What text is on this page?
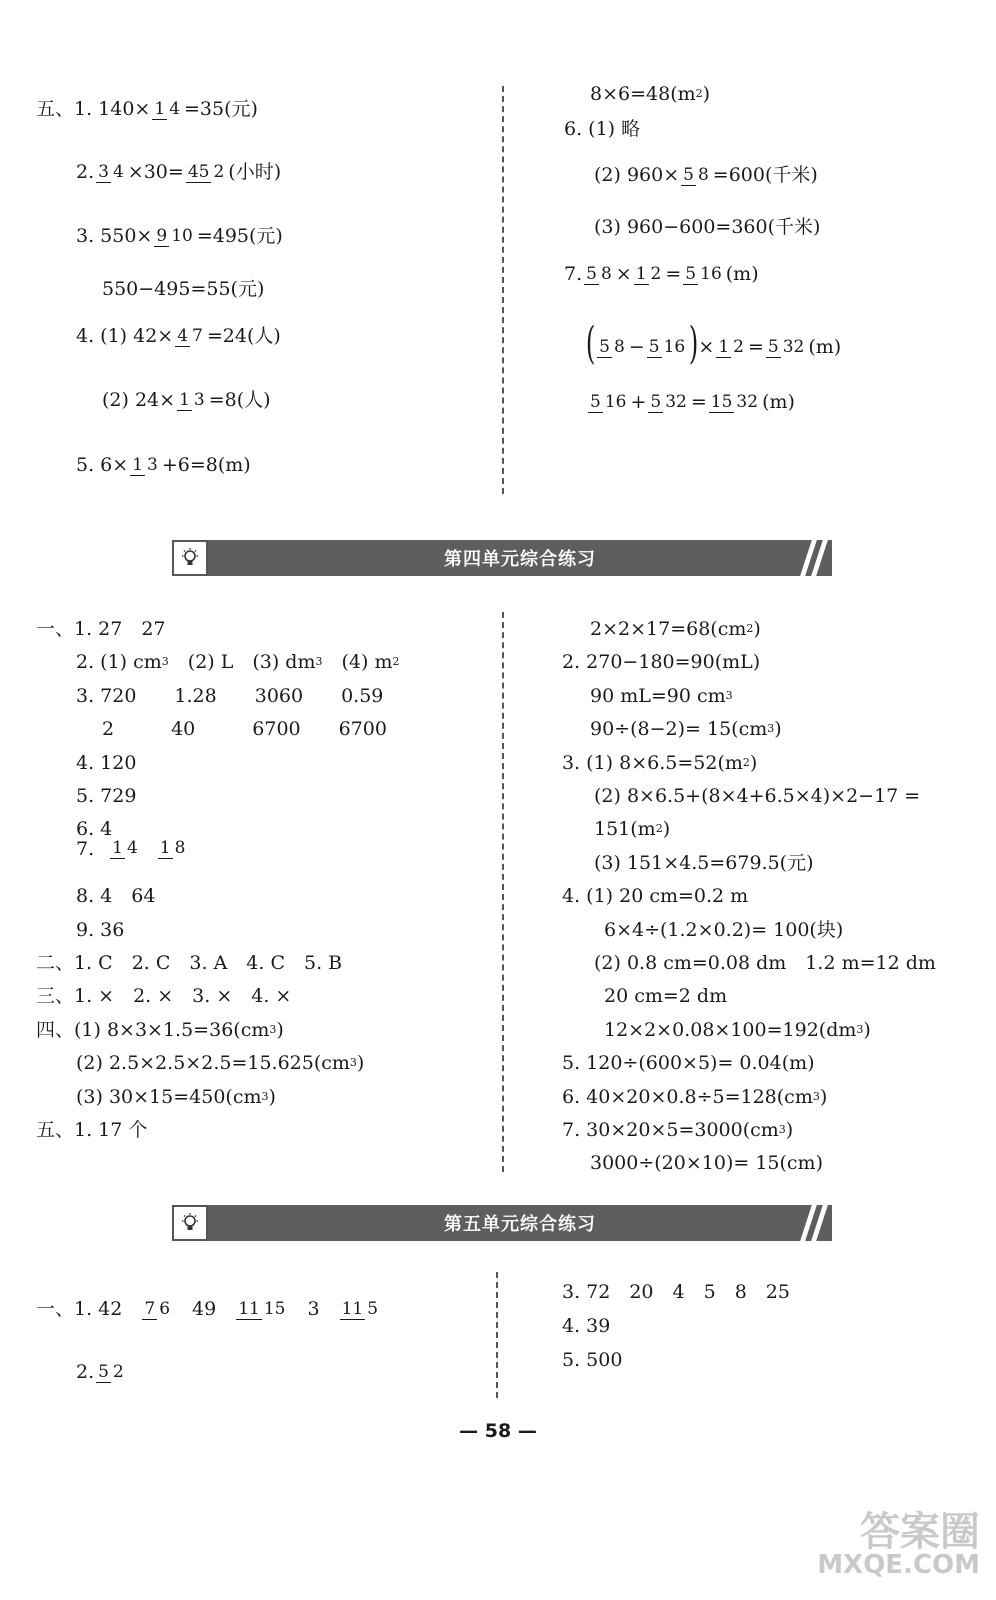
五、1. 140× 1 4 =35(元)
2. 3 4 ×30= 45 2 (小时)
3. 550× 9 10 =495(元)
550−495=55(元)
4. (1) 42× 4 7 =24(人)
(2) 24× 1 3 =8(人)
5. 6× 1 3 +6=8(m)
8×6=48(m 2 )
6. (1) 略
(2) 960× 5 8 =600(千米)
(3) 960−600=360(千米)
7. 5 8 × 1 2 = 5 16 (m)
( 5 8 − 5 16 ) × 1 2 = 5 32 (m)
5 16 + 5 32 = 15 32 (m)
第四单元综合练习
一、1. 27　27
2. (1) cm 3 　(2) L　(3) dm 3 　(4) m 2
3. 720　　1.28　　3060　　0.59
2　　　40　　　6700　　6700
4. 120
5. 729
6. 4
7. 1 4 1 8
8. 4　64
9. 36
二、1. C　2. C　3. A　4. C　5. B
三、1. ×　2. ×　3. ×　4. ×
四、(1) 8×3×1.5=36(cm 3 )
(2) 2.5×2.5×2.5=15.625(cm 3 )
(3) 30×15=450(cm 3 )
五、1. 17 个
2×2×17=68(cm 2 )
2. 270−180=90(mL)
90 mL=90 cm 3
90÷(8−2)= 15(cm 3 )
3. (1) 8×6.5=52(m 2 )
(2) 8×6.5+(8×4+6.5×4)×2−17 =
151(m 2 )
(3) 151×4.5=679.5(元)
4. (1) 20 cm=0.2 m
6×4÷(1.2×0.2)= 100(块)
(2) 0.8 cm=0.08 dm　1.2 m=12 dm
20 cm=2 dm
12×2×0.08×100=192(dm 3 )
5. 120÷(600×5)= 0.04(m)
6. 40×20×0.8÷5=128(cm 3 )
7. 30×20×5=3000(cm 3 )
3000÷(20×10)= 15(cm)
第五单元综合练习
一、1. 42 7 6 49 11 15 3 11 5
2. 5 2
3. 72　20　4　5　8　25
4. 39
5. 500
— 58 —
答案圈
MXQE.COM
